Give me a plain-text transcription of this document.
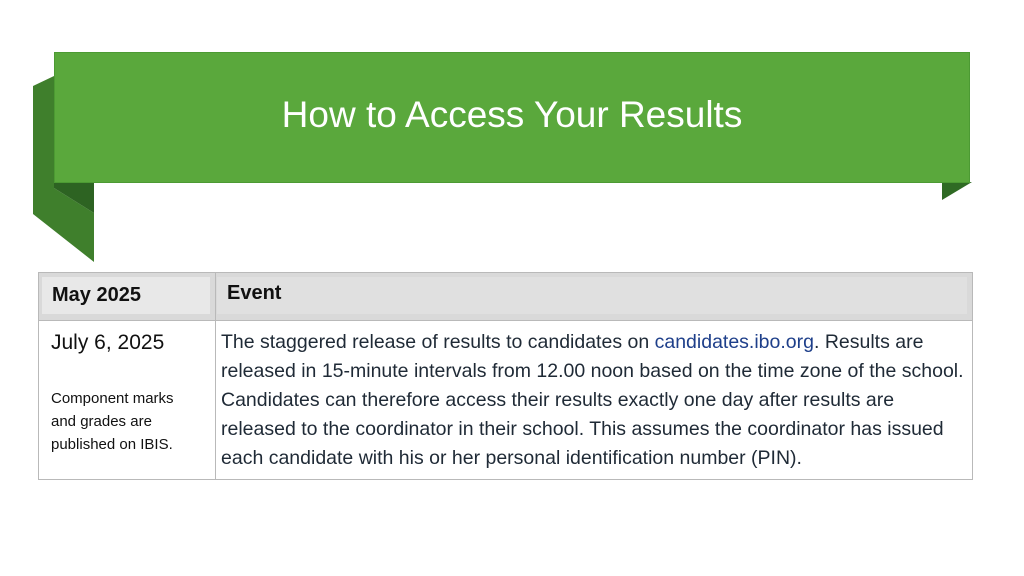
How to Access Your Results
May 2025	Event
July 6, 2025
Component marks and grades are published on IBIS.
The staggered release of results to candidates on candidates.ibo.org. Results are released in 15-minute intervals from 12.00 noon based on the time zone of the school. Candidates can therefore access their results exactly one day after results are released to the coordinator in their school. This assumes the coordinator has issued each candidate with his or her personal identification number (PIN).
